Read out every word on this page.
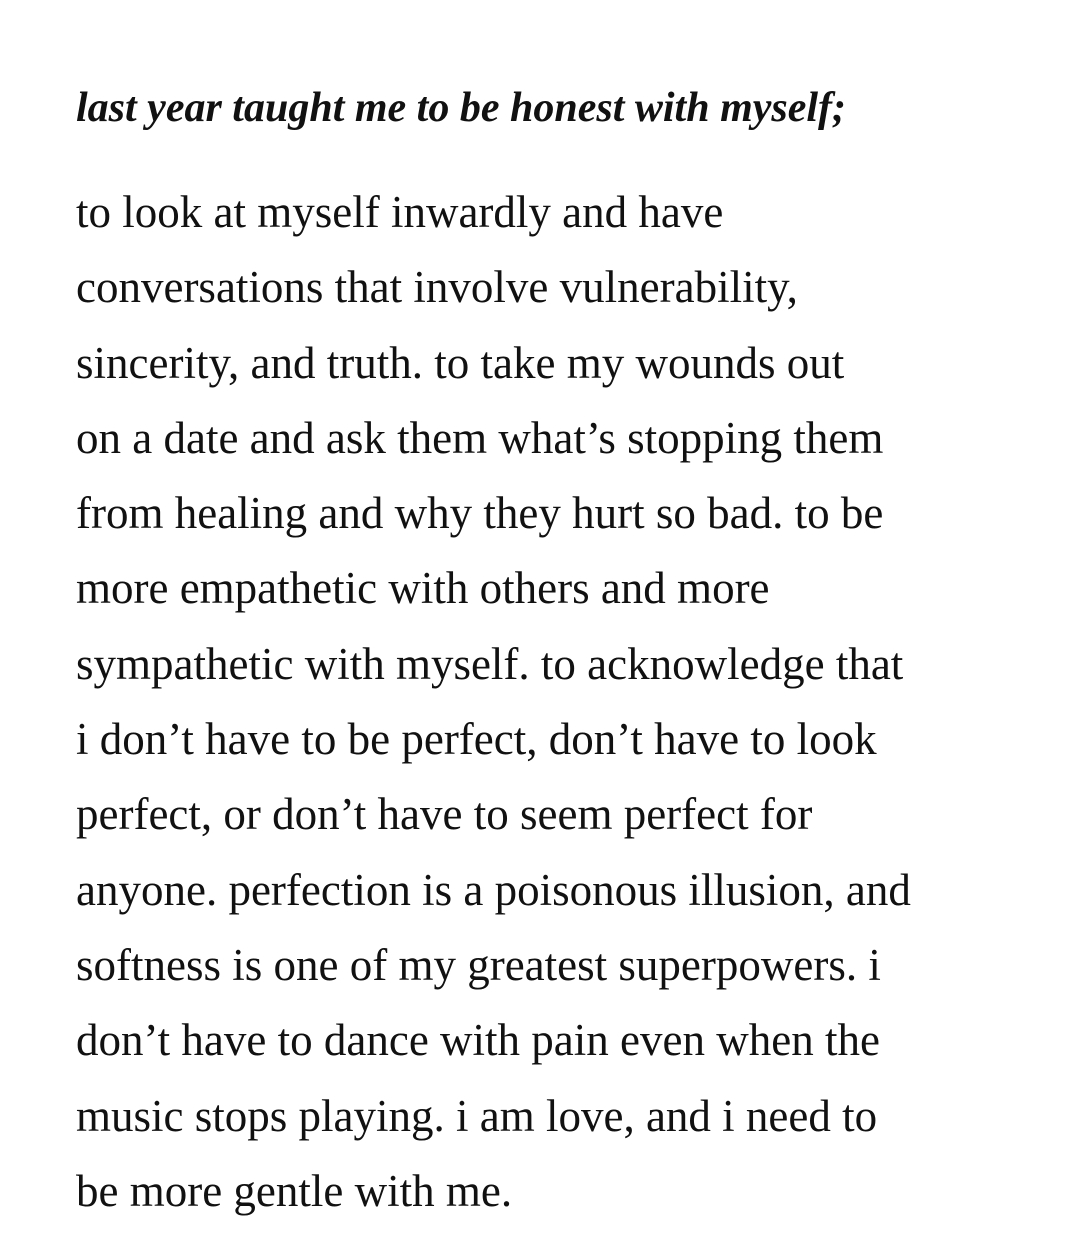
last year taught me to be honest with myself;
to look at myself inwardly and have
conversations that involve vulnerability,
sincerity, and truth. to take my wounds out
on a date and ask them what’s stopping them
from healing and why they hurt so bad. to be
more empathetic with others and more
sympathetic with myself. to acknowledge that
i don’t have to be perfect, don’t have to look
perfect, or don’t have to seem perfect for
anyone. perfection is a poisonous illusion, and
softness is one of my greatest superpowers. i
don’t have to dance with pain even when the
music stops playing. i am love, and i need to
be more gentle with me.
